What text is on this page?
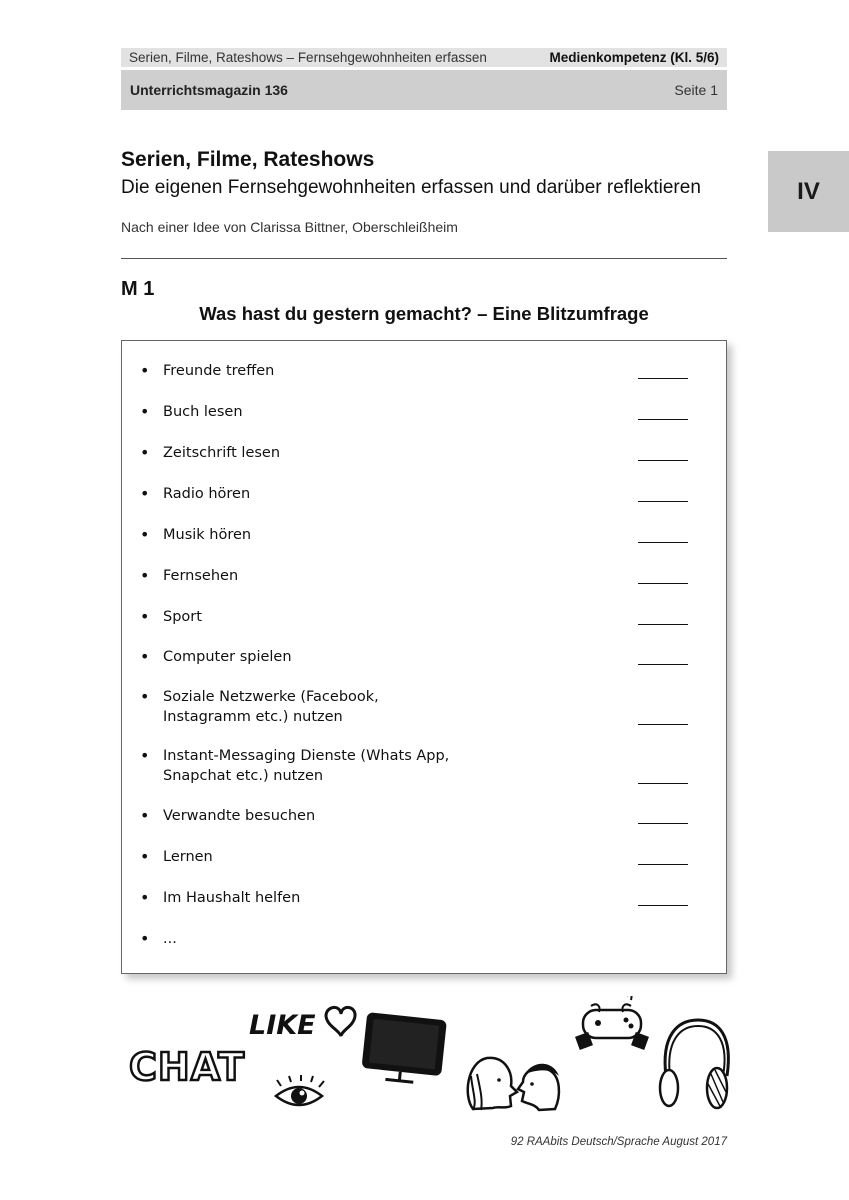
Serien, Filme, Rateshows – Fernsehgewohnheiten erfassen	Medienkompetenz (Kl. 5/6)
Unterrichtsmagazin 136	Seite 1
IV
Serien, Filme, Rateshows
Die eigenen Fernsehgewohnheiten erfassen und darüber reflektieren
Nach einer Idee von Clarissa Bittner, Oberschleißheim
M 1
Was hast du gestern gemacht? – Eine Blitzumfrage
• Freunde treffen
• Buch lesen
• Zeitschrift lesen
• Radio hören
• Musik hören
• Fernsehen
• Sport
• Computer spielen
• Soziale Netzwerke (Facebook,
Instagramm etc.) nutzen
• Instant-Messaging Dienste (Whats App,
Snapchat etc.) nutzen
• Verwandte besuchen
• Lernen
• Im Haushalt helfen
• ...
CHAT
LIKE
92 RAAbits Deutsch/Sprache August 2017
